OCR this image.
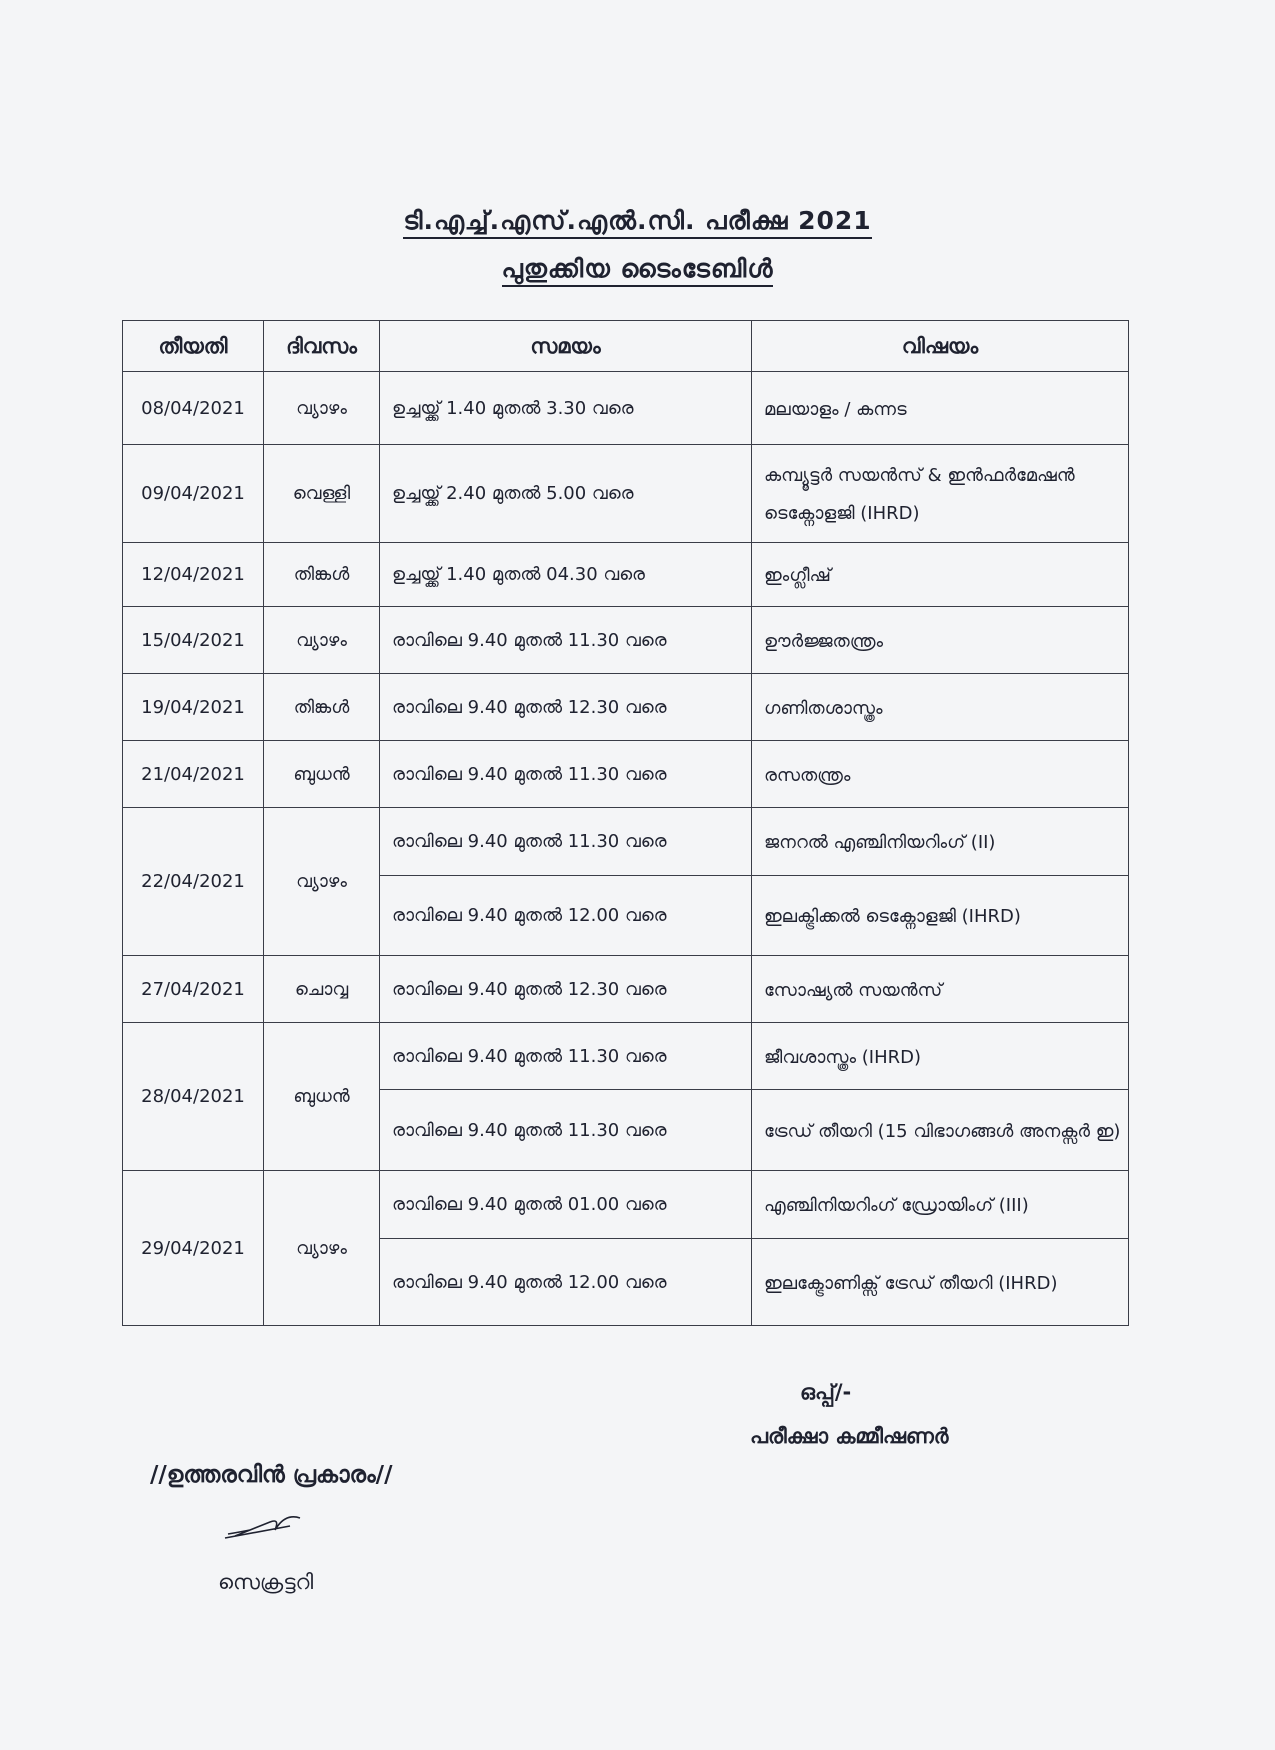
ടി.എച്ച്.എസ്.എൽ.സി. പരീക്ഷ 2021
പുതുക്കിയ ടൈംടേബിൾ
തീയതി	ദിവസം	സമയം	വിഷയം
08/04/2021	വ്യാഴം	ഉച്ചയ്ക്ക് 1.40 മുതൽ 3.30 വരെ	മലയാളം / കന്നട
09/04/2021	വെള്ളി	ഉച്ചയ്ക്ക് 2.40 മുതൽ 5.00 വരെ	കമ്പ്യൂട്ടർ സയൻസ് & ഇൻഫർമേഷൻ ടെക്നോളജി (IHRD)
12/04/2021	തിങ്കൾ	ഉച്ചയ്ക്ക് 1.40 മുതൽ 04.30 വരെ	ഇംഗ്ലീഷ്
15/04/2021	വ്യാഴം	രാവിലെ 9.40 മുതൽ 11.30 വരെ	ഊർജ്ജതന്ത്രം
19/04/2021	തിങ്കൾ	രാവിലെ 9.40 മുതൽ 12.30 വരെ	ഗണിതശാസ്ത്രം
21/04/2021	ബുധൻ	രാവിലെ 9.40 മുതൽ 11.30 വരെ	രസതന്ത്രം
22/04/2021	വ്യാഴം	രാവിലെ 9.40 മുതൽ 11.30 വരെ	ജനറൽ എഞ്ചിനിയറിംഗ് (II)
		രാവിലെ 9.40 മുതൽ 12.00 വരെ	ഇലക്ട്രിക്കൽ ടെക്നോളജി (IHRD)
27/04/2021	ചൊവ്വ	രാവിലെ 9.40 മുതൽ 12.30 വരെ	സോഷ്യൽ സയൻസ്
28/04/2021	ബുധൻ	രാവിലെ 9.40 മുതൽ 11.30 വരെ	ജീവശാസ്ത്രം (IHRD)
		രാവിലെ 9.40 മുതൽ 11.30 വരെ	ട്രേഡ് തീയറി (15 വിഭാഗങ്ങൾ അനക്സർ ഇ)
29/04/2021	വ്യാഴം	രാവിലെ 9.40 മുതൽ 01.00 വരെ	എഞ്ചിനിയറിംഗ് ഡ്രോയിംഗ് (III)
		രാവിലെ 9.40 മുതൽ 12.00 വരെ	ഇലക്ട്രോണിക്സ് ട്രേഡ് തീയറി (IHRD)
ഒപ്പ്/-
പരീക്ഷാ കമ്മീഷണർ
//ഉത്തരവിൻ പ്രകാരം//
സെക്രട്ടറി
